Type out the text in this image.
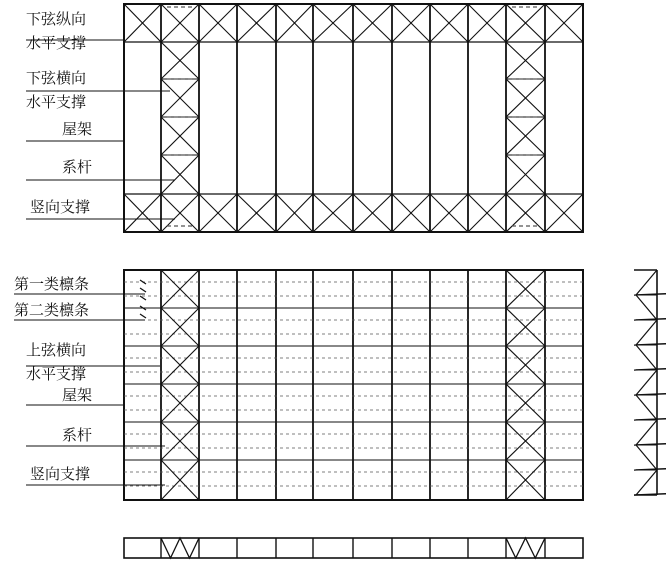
下弦纵向
水平支撑
下弦横向
水平支撑
屋架
系杆
竖向支撑
第一类檩条
第二类檩条
上弦横向
水平支撑
屋架
系杆
竖向支撑
